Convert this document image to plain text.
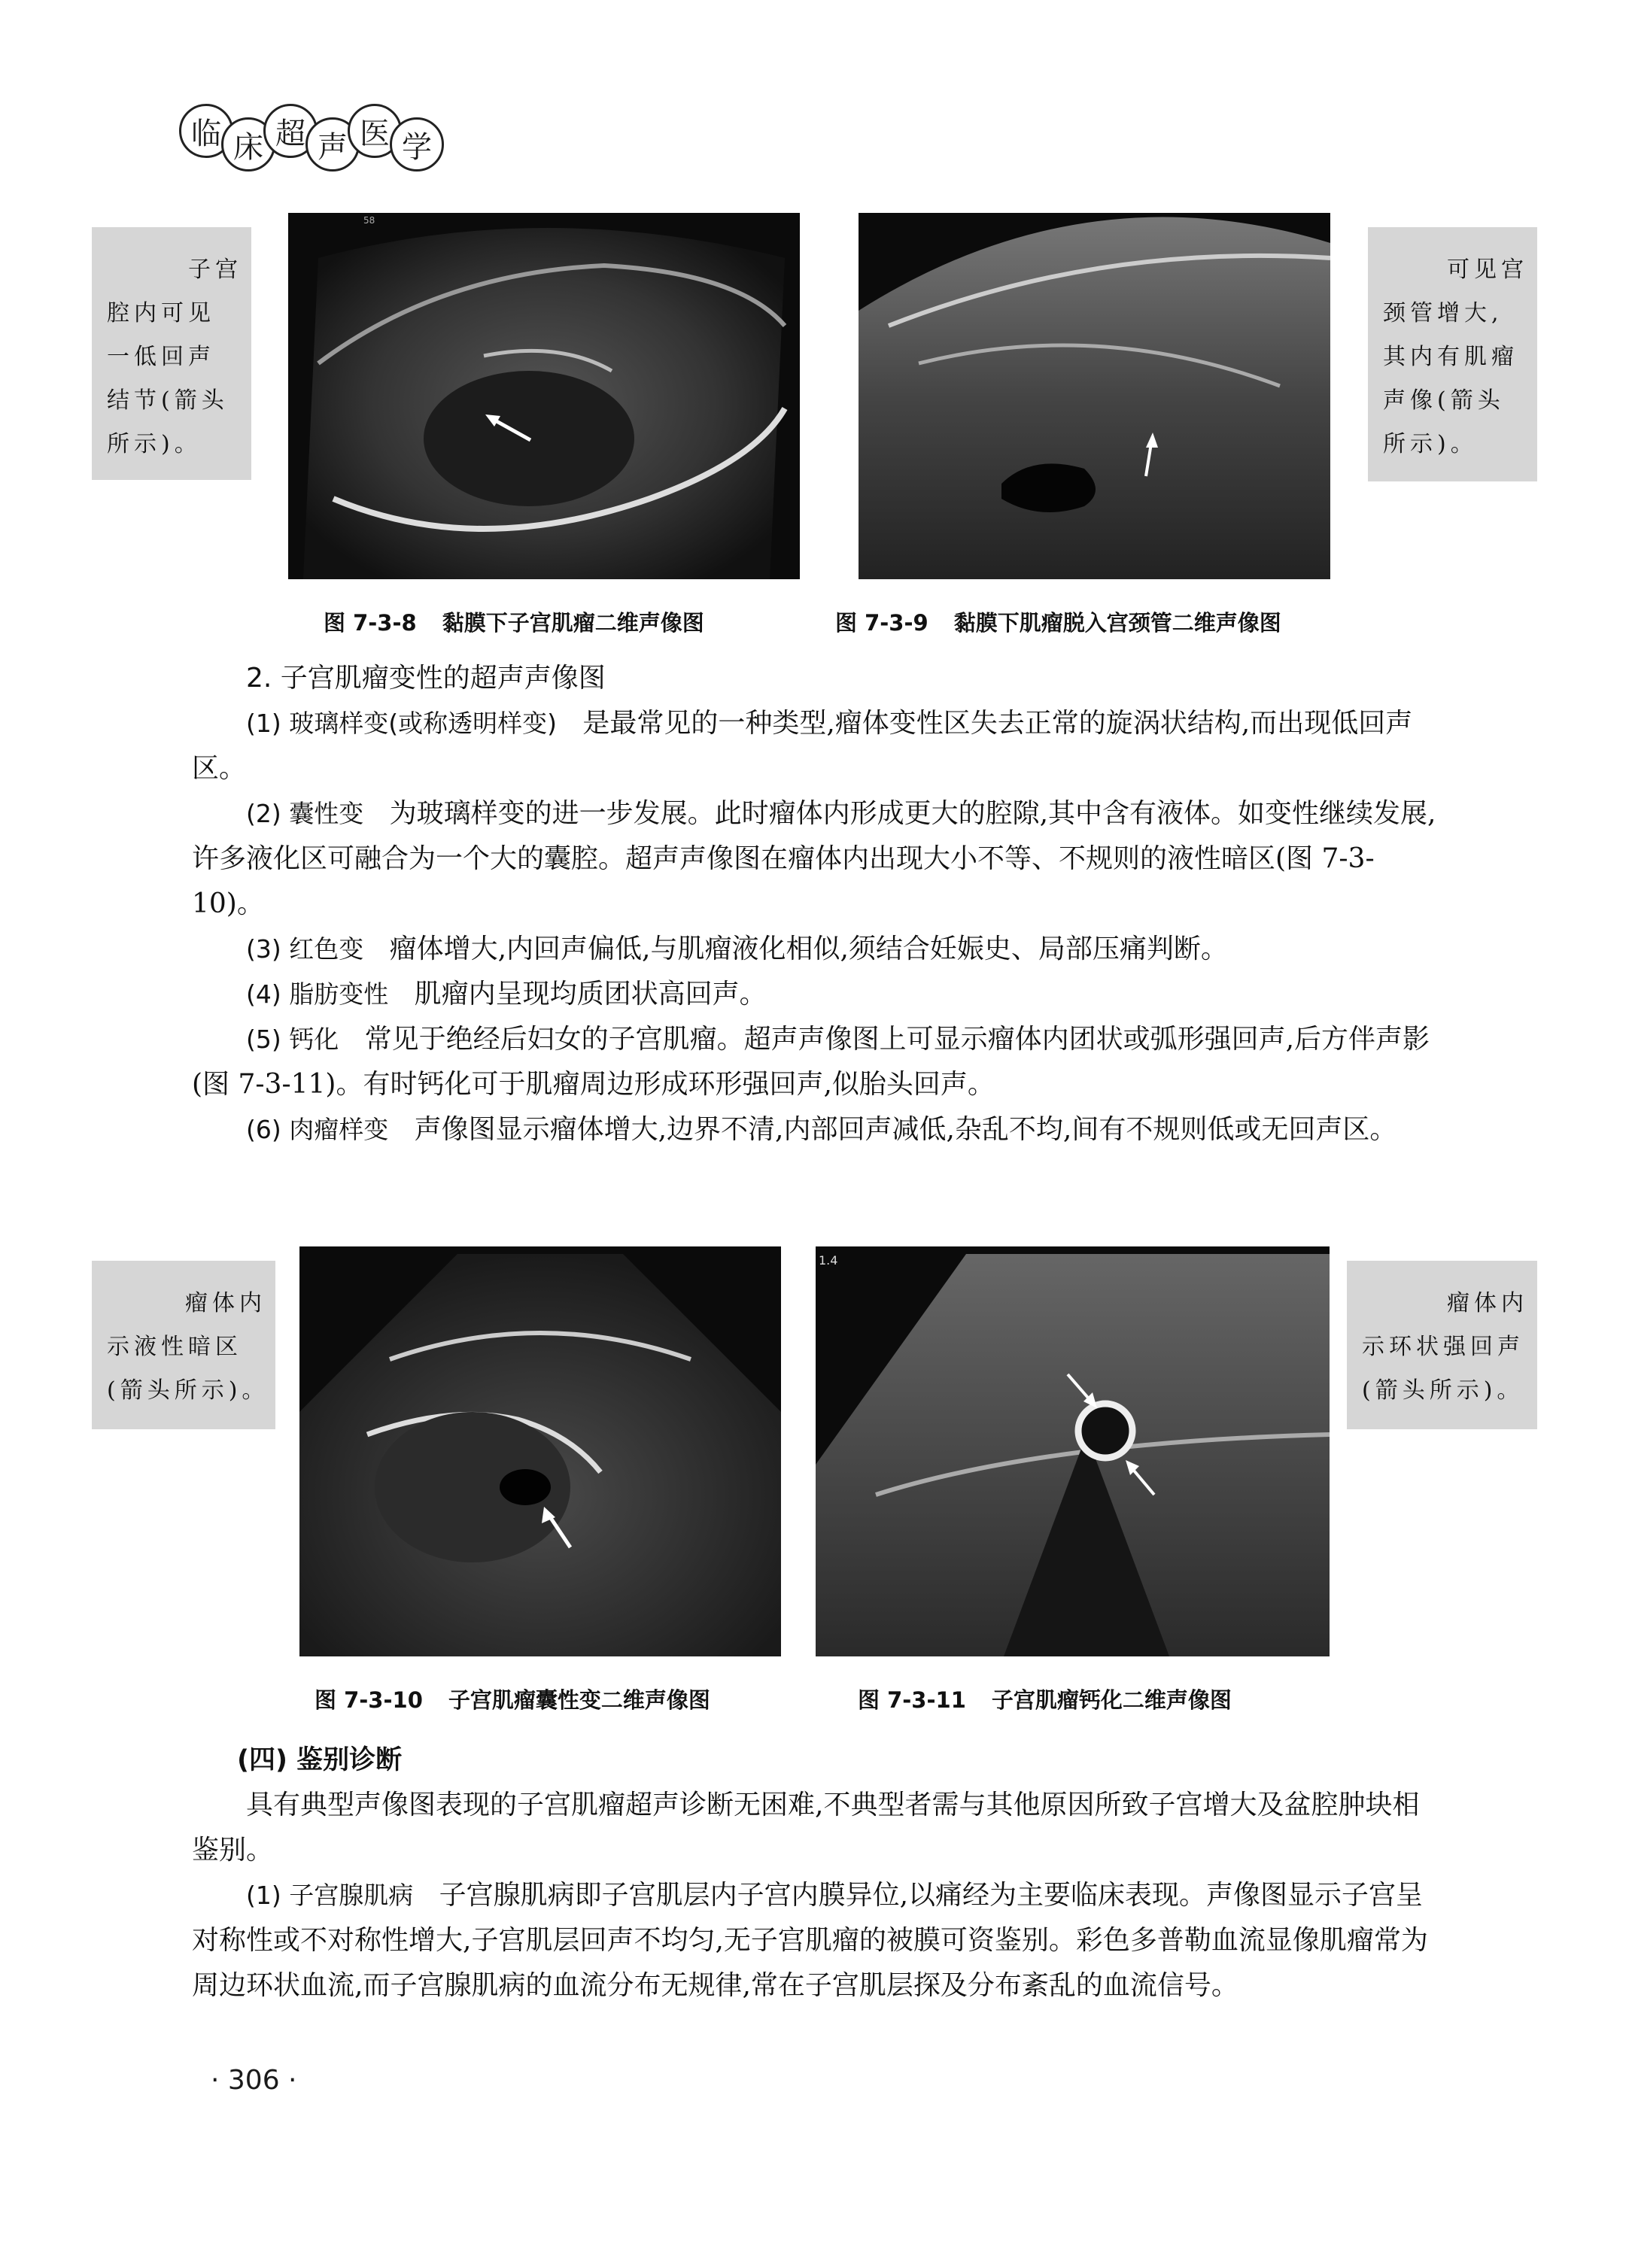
临 床 超 声 医 学
子宫
腔内可见
一低回声
结节(箭头
所示)。
58
可见宫
颈管增大,
其内有肌瘤
声像(箭头
所示)。
图 7-3-8 黏膜下子宫肌瘤二维声像图	图 7-3-9 黏膜下肌瘤脱入宫颈管二维声像图

2. 子宫肌瘤变性的超声声像图

(1) 玻璃样变(或称透明样变) 是最常见的一种类型,瘤体变性区失去正常的旋涡状结构,而出现低回声区。

(2) 囊性变 为玻璃样变的进一步发展。此时瘤体内形成更大的腔隙,其中含有液体。如变性继续发展,许多液化区可融合为一个大的囊腔。超声声像图在瘤体内出现大小不等、不规则的液性暗区(图 7-3-10)。

(3) 红色变 瘤体增大,内回声偏低,与肌瘤液化相似,须结合妊娠史、局部压痛判断。

(4) 脂肪变性 肌瘤内呈现均质团状高回声。

(5) 钙化 常见于绝经后妇女的子宫肌瘤。超声声像图上可显示瘤体内团状或弧形强回声,后方伴声影(图 7-3-11)。有时钙化可于肌瘤周边形成环形强回声,似胎头回声。

(6) 肉瘤样变 声像图显示瘤体增大,边界不清,内部回声减低,杂乱不均,间有不规则低或无回声区。

瘤体内
示液性暗区
(箭头所示)。
1.4
瘤体内
示环状强回声
(箭头所示)。
图 7-3-10 子宫肌瘤囊性变二维声像图	图 7-3-11 子宫肌瘤钙化二维声像图

(四) 鉴别诊断

具有典型声像图表现的子宫肌瘤超声诊断无困难,不典型者需与其他原因所致子宫增大及盆腔肿块相鉴别。

(1) 子宫腺肌病 子宫腺肌病即子宫肌层内子宫内膜异位,以痛经为主要临床表现。声像图显示子宫呈对称性或不对称性增大,子宫肌层回声不均匀,无子宫肌瘤的被膜可资鉴别。彩色多普勒血流显像肌瘤常为周边环状血流,而子宫腺肌病的血流分布无规律,常在子宫肌层探及分布紊乱的血流信号。

· 306 ·
